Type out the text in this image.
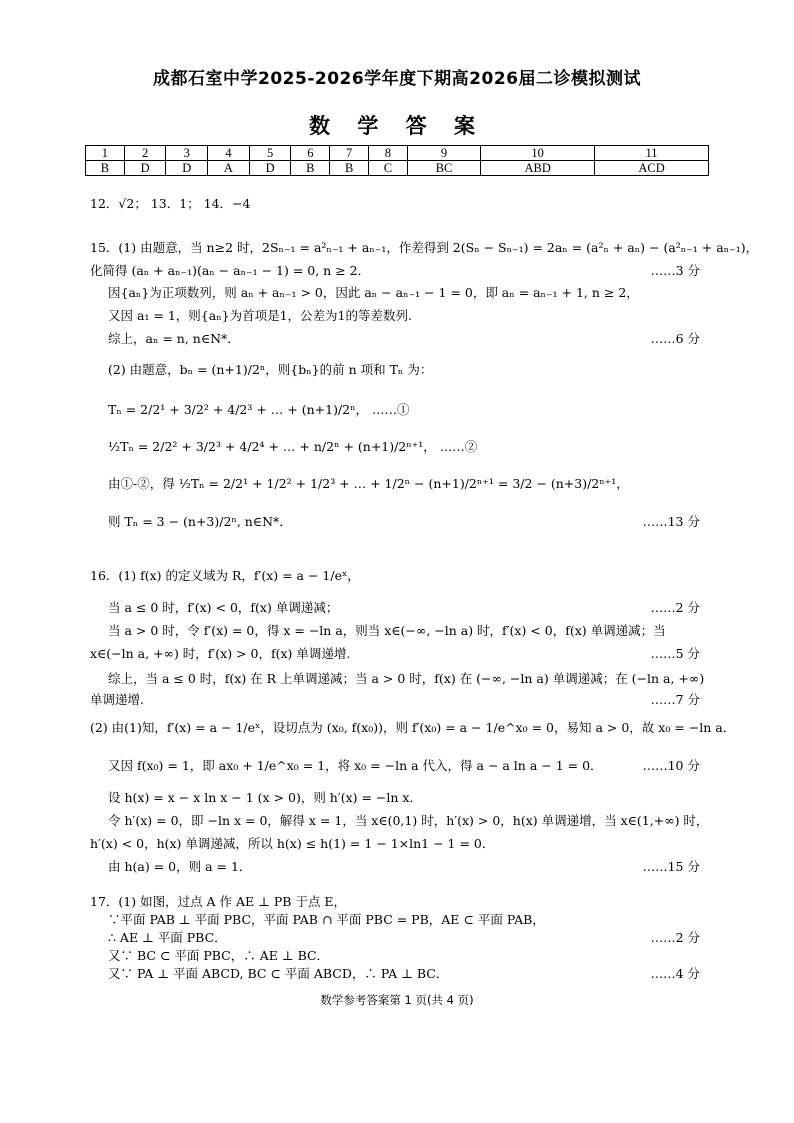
成都石室中学2025-2026学年度下期高2026届二诊模拟测试
数 学 答 案
1	2	3	4	5	6	7	8	9	10	11
B	D	D	A	D	B	B	C	BC	ABD	ACD
12．√2； 13．1； 14．−4
15．(1) 由题意，当 n≥2 时，2Sₙ₋₁ = a²ₙ₋₁ + aₙ₋₁，作差得到 2(Sₙ − Sₙ₋₁) = 2aₙ = (a²ₙ + aₙ) − (a²ₙ₋₁ + aₙ₋₁)，
化简得 (aₙ + aₙ₋₁)(aₙ − aₙ₋₁ − 1) = 0, n ≥ 2．	……3 分
因{aₙ}为正项数列，则 aₙ + aₙ₋₁ > 0，因此 aₙ − aₙ₋₁ − 1 = 0，即 aₙ = aₙ₋₁ + 1, n ≥ 2，
又因 a₁ = 1，则{aₙ}为首项是1，公差为1的等差数列.
综上，aₙ = n, n∈N*．	……6 分
(2) 由题意，bₙ = (n+1)/2ⁿ，则{bₙ}的前 n 项和 Tₙ 为：
Tₙ = 2/2¹ + 3/2² + 4/2³ + … + (n+1)/2ⁿ， ……①
½Tₙ = 2/2² + 3/2³ + 4/2⁴ + … + n/2ⁿ + (n+1)/2ⁿ⁺¹， ……②
由①-②，得 ½Tₙ = 2/2¹ + 1/2² + 1/2³ + … + 1/2ⁿ − (n+1)/2ⁿ⁺¹ = 3/2 − (n+3)/2ⁿ⁺¹，
则 Tₙ = 3 − (n+3)/2ⁿ, n∈N*．	……13 分
16．(1) f(x) 的定义域为 R，f′(x) = a − 1/eˣ，
当 a ≤ 0 时，f′(x) < 0，f(x) 单调递减；	……2 分
当 a > 0 时，令 f′(x) = 0，得 x = −ln a，则当 x∈(−∞, −ln a) 时，f′(x) < 0，f(x) 单调递减；当
x∈(−ln a, +∞) 时，f′(x) > 0，f(x) 单调递增.	……5 分
综上，当 a ≤ 0 时，f(x) 在 R 上单调递减；当 a > 0 时，f(x) 在 (−∞, −ln a) 单调递减；在 (−ln a, +∞)
单调递增.	……7 分
(2) 由(1)知，f′(x) = a − 1/eˣ，设切点为 (x₀, f(x₀))，则 f′(x₀) = a − 1/e^x₀ = 0，易知 a > 0，故 x₀ = −ln a．
又因 f(x₀) = 1，即 ax₀ + 1/e^x₀ = 1，将 x₀ = −ln a 代入，得 a − a ln a − 1 = 0．	……10 分
设 h(x) = x − x ln x − 1 (x > 0)，则 h′(x) = −ln x．
令 h′(x) = 0，即 −ln x = 0，解得 x = 1，当 x∈(0,1) 时，h′(x) > 0，h(x) 单调递增，当 x∈(1,+∞) 时，
h′(x) < 0，h(x) 单调递减，所以 h(x) ≤ h(1) = 1 − 1×ln1 − 1 = 0．
由 h(a) = 0，则 a = 1．	……15 分
17．(1) 如图，过点 A 作 AE ⊥ PB 于点 E，
∵平面 PAB ⊥ 平面 PBC，平面 PAB ∩ 平面 PBC = PB，AE ⊂ 平面 PAB，
∴ AE ⊥ 平面 PBC．	……2 分
又∵ BC ⊂ 平面 PBC，∴ AE ⊥ BC．
又∵ PA ⊥ 平面 ABCD, BC ⊂ 平面 ABCD，∴ PA ⊥ BC．	……4 分
数学参考答案第 1 页(共 4 页)
